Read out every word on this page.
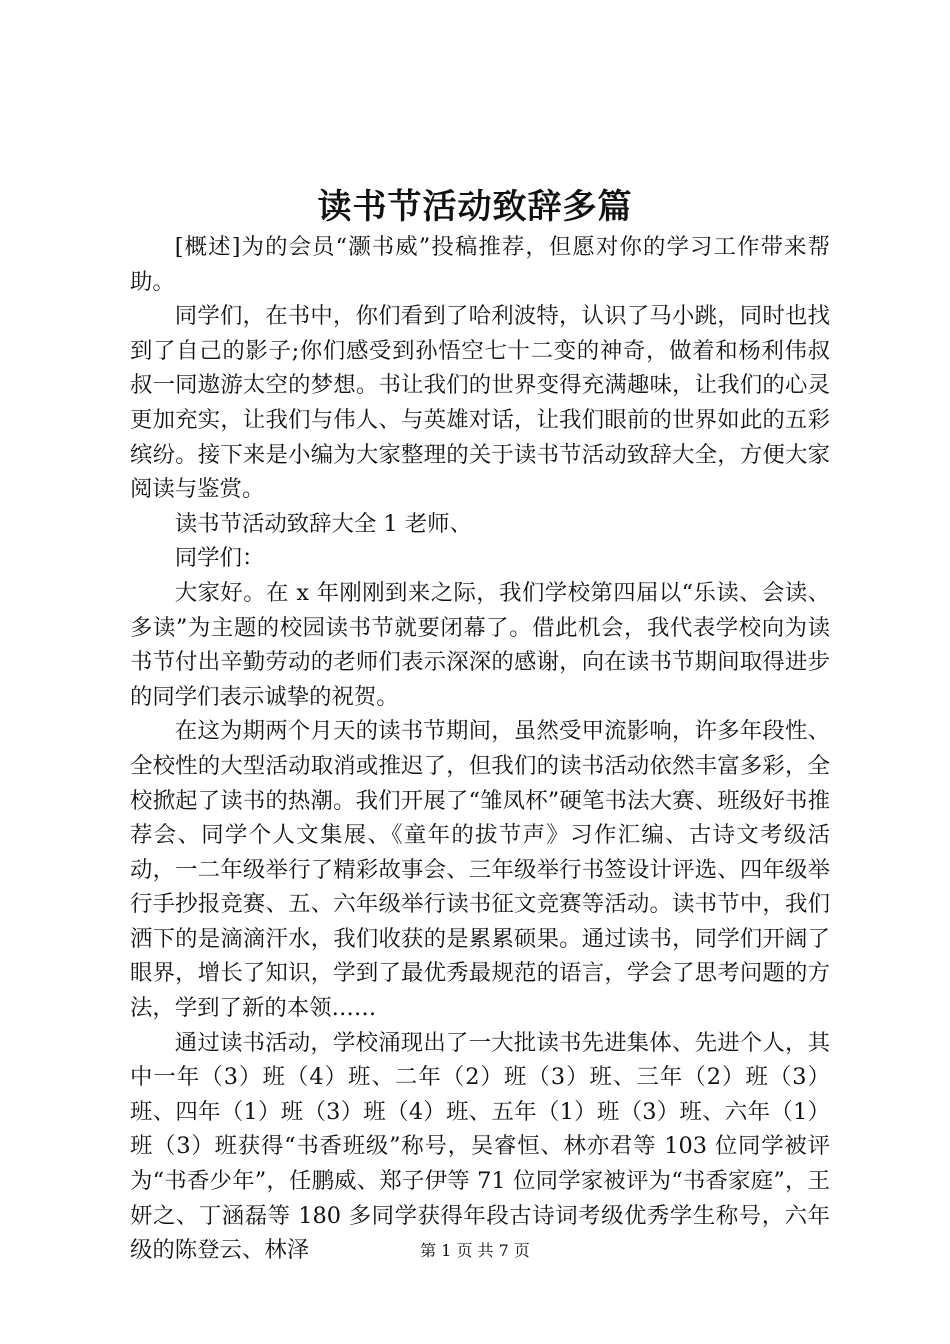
读书节活动致辞多篇

[概述]为的会员“灏书威”投稿推荐，但愿对你的学习工作带来帮助。

同学们，在书中，你们看到了哈利波特，认识了马小跳，同时也找到了自己的影子;你们感受到孙悟空七十二变的神奇，做着和杨利伟叔叔一同遨游太空的梦想。书让我们的世界变得充满趣味，让我们的心灵更加充实，让我们与伟人、与英雄对话，让我们眼前的世界如此的五彩缤纷。接下来是小编为大家整理的关于读书节活动致辞大全，方便大家阅读与鉴赏。

读书节活动致辞大全 1 老师、

同学们：

大家好。在 x 年刚刚到来之际，我们学校第四届以“乐读、会读、多读”为主题的校园读书节就要闭幕了。借此机会，我代表学校向为读书节付出辛勤劳动的老师们表示深深的感谢，向在读书节期间取得进步的同学们表示诚挚的祝贺。

在这为期两个月天的读书节期间，虽然受甲流影响，许多年段性、全校性的大型活动取消或推迟了，但我们的读书活动依然丰富多彩，全校掀起了读书的热潮。我们开展了“雏凤杯”硬笔书法大赛、班级好书推荐会、同学个人文集展、《童年的拔节声》习作汇编、古诗文考级活动，一二年级举行了精彩故事会、三年级举行书签设计评选、四年级举行手抄报竞赛、五、六年级举行读书征文竞赛等活动。读书节中，我们洒下的是滴滴汗水，我们收获的是累累硕果。通过读书，同学们开阔了眼界，增长了知识，学到了最优秀最规范的语言，学会了思考问题的方法，学到了新的本领……

通过读书活动，学校涌现出了一大批读书先进集体、先进个人，其中一年（3）班（4）班、二年（2）班（3）班、三年（2）班（3）班、四年（1）班（3）班（4）班、五年（1）班（3）班、六年（1）班（3）班获得“书香班级”称号，吴睿恒、林亦君等 103 位同学被评为“书香少年”，任鹏威、郑子伊等 71 位同学家被评为“书香家庭”，王妍之、丁涵磊等 180 多同学获得年段古诗词考级优秀学生称号，六年级的陈登云、林泽	第 1 页 共 7 页
